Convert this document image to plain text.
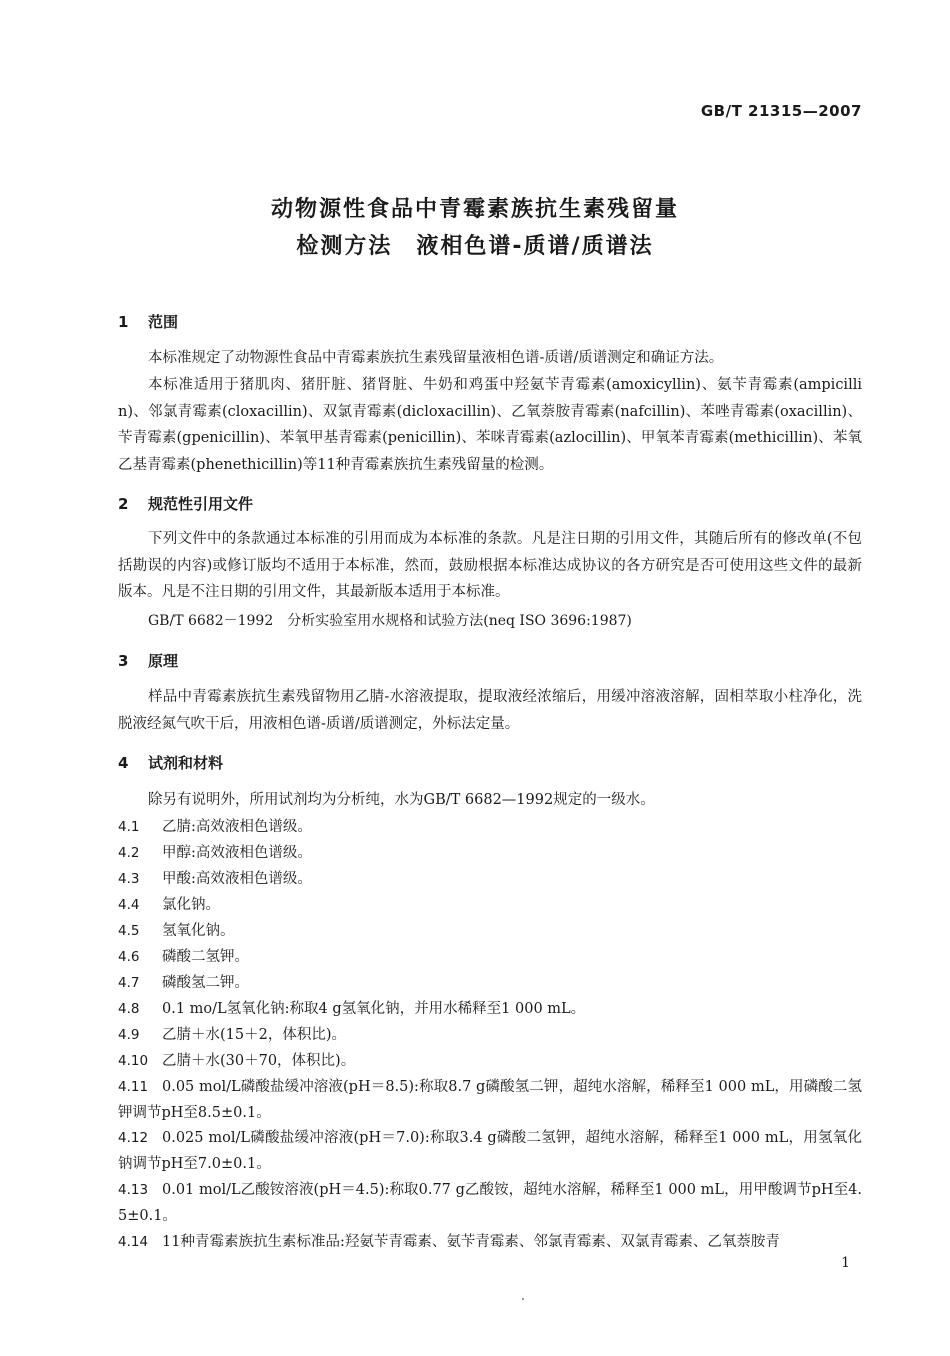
GB/T 21315—2007
动物源性食品中青霉素族抗生素残留量
检测方法　液相色谱-质谱/质谱法
1 范围
本标准规定了动物源性食品中青霉素族抗生素残留量液相色谱-质谱/质谱测定和确证方法。
本标准适用于猪肌肉、猪肝脏、猪肾脏、牛奶和鸡蛋中羟氨苄青霉素(amoxicyllin)、氨苄青霉素(ampicillin)、邻氯青霉素(cloxacillin)、双氯青霉素(dicloxacillin)、乙氧萘胺青霉素(nafcillin)、苯唑青霉素(oxacillin)、苄青霉素(gpenicillin)、苯氧甲基青霉素(penicillin)、苯咪青霉素(azlocillin)、甲氧苯青霉素(methicillin)、苯氧乙基青霉素(phenethicillin)等11种青霉素族抗生素残留量的检测。
2 规范性引用文件
下列文件中的条款通过本标准的引用而成为本标准的条款。凡是注日期的引用文件，其随后所有的修改单(不包括勘误的内容)或修订版均不适用于本标准，然而，鼓励根据本标准达成协议的各方研究是否可使用这些文件的最新版本。凡是不注日期的引用文件，其最新版本适用于本标准。
GB/T 6682－1992　分析实验室用水规格和试验方法(neq ISO 3696:1987)
3 原理
样品中青霉素族抗生素残留物用乙腈-水溶液提取，提取液经浓缩后，用缓冲溶液溶解，固相萃取小柱净化，洗脱液经氮气吹干后，用液相色谱-质谱/质谱测定，外标法定量。
4 试剂和材料
除另有说明外，所用试剂均为分析纯，水为GB/T 6682—1992规定的一级水。
4.1 乙腈:高效液相色谱级。
4.2 甲醇:高效液相色谱级。
4.3 甲酸:高效液相色谱级。
4.4 氯化钠。
4.5 氢氧化钠。
4.6 磷酸二氢钾。
4.7 磷酸氢二钾。
4.8 0.1 mo/L氢氧化钠:称取4 g氢氧化钠，并用水稀释至1 000 mL。
4.9 乙腈＋水(15＋2，体积比)。
4.10 乙腈＋水(30＋70，体积比)。
4.11 0.05 mol/L磷酸盐缓冲溶液(pH＝8.5):称取8.7 g磷酸氢二钾，超纯水溶解，稀释至1 000 mL，用磷酸二氢钾调节pH至8.5±0.1。
4.12 0.025 mol/L磷酸盐缓冲溶液(pH＝7.0):称取3.4 g磷酸二氢钾，超纯水溶解，稀释至1 000 mL，用氢氧化钠调节pH至7.0±0.1。
4.13 0.01 mol/L乙酸铵溶液(pH＝4.5):称取0.77 g乙酸铵，超纯水溶解，稀释至1 000 mL，用甲酸调节pH至4.5±0.1。
4.14 11种青霉素族抗生素标准品:羟氨苄青霉素、氨苄青霉素、邻氯青霉素、双氯青霉素、乙氧萘胺青
1
